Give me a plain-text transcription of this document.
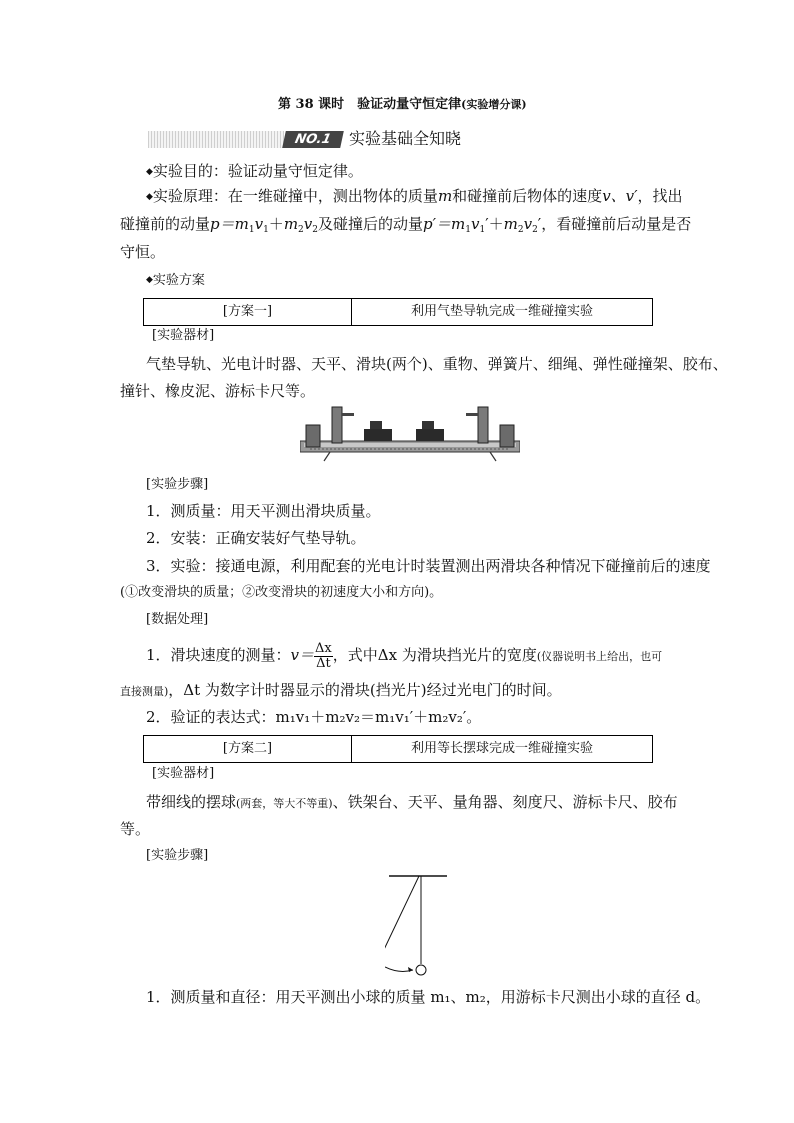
第 38 课时　验证动量守恒定律(实验增分课)
NO.1	实验基础全知晓
◆实验目的：验证动量守恒定律。
◆实验原理：在一维碰撞中，测出物体的质量m和碰撞前后物体的速度v、v′，找出
碰撞前的动量$p=m_1v_1+m_2v_2$及碰撞后的动量$p'=m_1v_1'+m_2v_2'$，看碰撞前后动量是否
守恒。
◆实验方案
[方案一]	利用气垫导轨完成一维碰撞实验
[实验器材]
气垫导轨、光电计时器、天平、滑块(两个)、重物、弹簧片、细绳、弹性碰撞架、胶布、
撞针、橡皮泥、游标卡尺等。
[实验步骤]
1．测质量：用天平测出滑块质量。
2．安装：正确安装好气垫导轨。
3．实验：接通电源，利用配套的光电计时装置测出两滑块各种情况下碰撞前后的速度
(①改变滑块的质量；②改变滑块的初速度大小和方向)。
[数据处理]
1．滑块速度的测量：$v= \frac{\Delta x}{\Delta t}$ ，式中Δx 为滑块挡光片的宽度(仪器说明书上给出，也可
直接测量)，Δt 为数字计时器显示的滑块(挡光片)经过光电门的时间。
2．验证的表达式：m₁v₁＋m₂v₂＝m₁v₁′＋m₂v₂′。
[方案二]	利用等长摆球完成一维碰撞实验
[实验器材]
带细线的摆球(两套，等大不等重)、铁架台、天平、量角器、刻度尺、游标卡尺、胶布
等。
[实验步骤]
1．测质量和直径：用天平测出小球的质量 m₁、m₂，用游标卡尺测出小球的直径 d。
